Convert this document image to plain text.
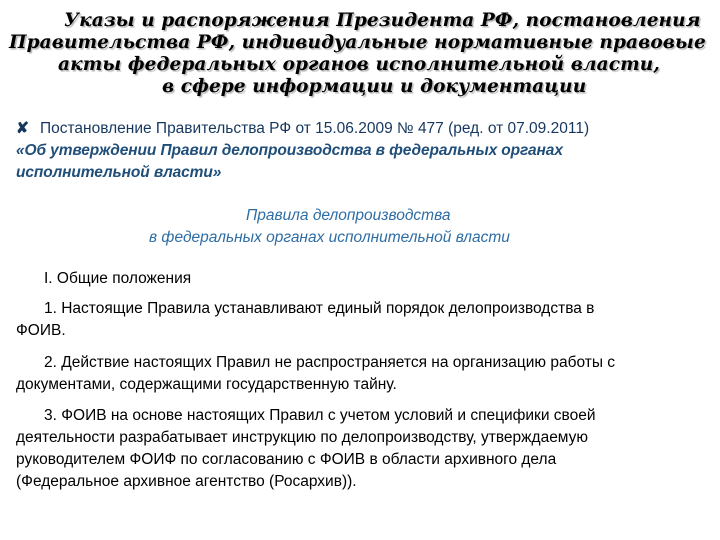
Указы и распоряжения Президента РФ, постановления
Правительства РФ, индивидуальные нормативные правовые
акты федеральных органов исполнительной власти,
в сфере информации и документации
✘ Постановление Правительства РФ от 15.06.2009 № 477 (ред. от 07.09.2011)
«Об утверждении Правил делопроизводства в федеральных органах
исполнительной власти»
Правила делопроизводства
в федеральных органах исполнительной власти
I. Общие положения
1. Настоящие Правила устанавливают единый порядок делопроизводства в
ФОИВ.
2. Действие настоящих Правил не распространяется на организацию работы с
документами, содержащими государственную тайну.
3. ФОИВ на основе настоящих Правил с учетом условий и специфики своей
деятельности разрабатывает инструкцию по делопроизводству, утверждаемую
руководителем ФОИФ по согласованию с ФОИВ в области архивного дела
(Федеральное архивное агентство (Росархив)).
